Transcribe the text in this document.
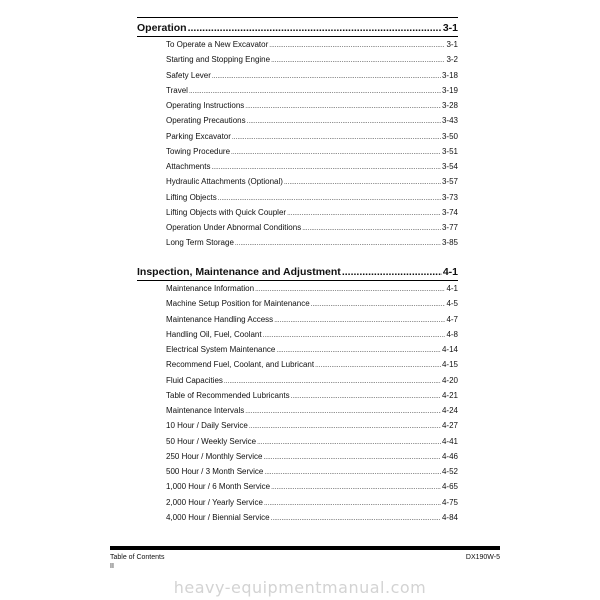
Operation .....	3-1
To Operate a New Excavator .....	3-1
Starting and Stopping Engine .....	3-2
Safety Lever .....	3-18
Travel .....	3-19
Operating Instructions .....	3-28
Operating Precautions .....	3-43
Parking Excavator .....	3-50
Towing Procedure .....	3-51
Attachments .....	3-54
Hydraulic Attachments (Optional) .....	3-57
Lifting Objects .....	3-73
Lifting Objects with Quick Coupler .....	3-74
Operation Under Abnormal Conditions .....	3-77
Long Term Storage .....	3-85
Inspection, Maintenance and Adjustment .....	4-1
Maintenance Information .....	4-1
Machine Setup Position for Maintenance .....	4-5
Maintenance Handling Access .....	4-7
Handling Oil, Fuel, Coolant .....	4-8
Electrical System Maintenance .....	4-14
Recommend Fuel, Coolant, and Lubricant .....	4-15
Fluid Capacities .....	4-20
Table of Recommended Lubricants .....	4-21
Maintenance Intervals .....	4-24
10 Hour / Daily Service .....	4-27
50 Hour / Weekly Service .....	4-41
250 Hour / Monthly Service .....	4-46
500 Hour / 3 Month Service .....	4-52
1,000 Hour / 6 Month Service .....	4-65
2,000 Hour / Yearly Service .....	4-75
4,000 Hour / Biennial Service .....	4-84
Table of Contents
II
DX190W-5
heavy-equipmentmanual.com
